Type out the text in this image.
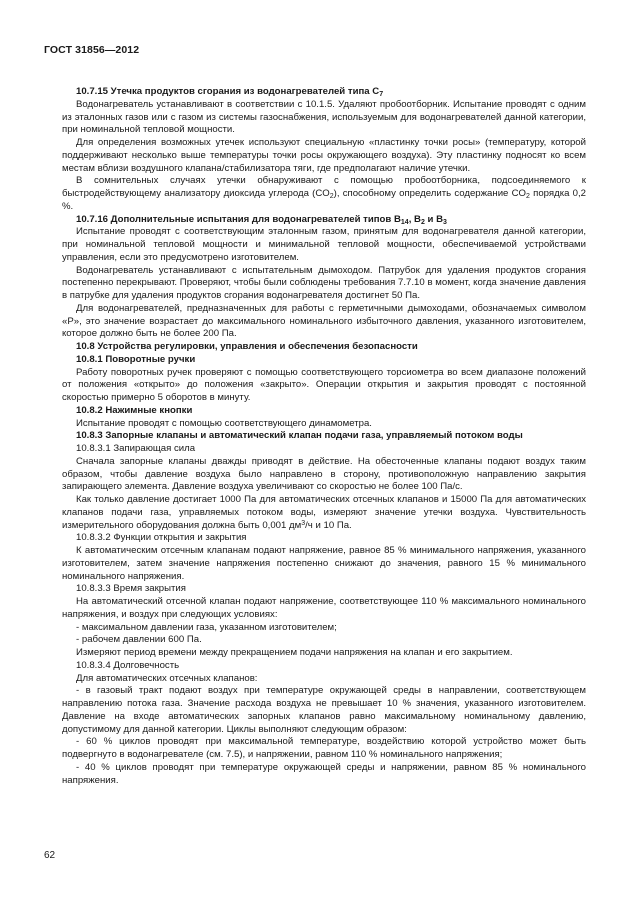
ГОСТ 31856—2012

10.7.15 Утечка продуктов сгорания из водонагревателей типа $C_7$

Водонагреватель устанавливают в соответствии с 10.1.5. Удаляют пробоотборник. Испытание проводят с одним из эталонных газов или с газом из системы газоснабжения, используемым для водонагревателей данной категории, при номинальной тепловой мощности.

Для определения возможных утечек используют специальную «пластинку точки росы» (температуру, которой поддерживают несколько выше температуры точки росы окружающего воздуха). Эту пластинку подносят ко всем местам вблизи воздушного клапана/стабилизатора тяги, где предполагают наличие утечки.

В сомнительных случаях утечки обнаруживают с помощью пробоотборника, подсоединяемого к быстродействующему анализатору диоксида углерода $(CO_2)$, способному определить содержание $CO_2$ порядка 0,2 %.

10.7.16 Дополнительные испытания для водонагревателей типов $B_{14}$, $B_2$ и $B_3$

Испытание проводят с соответствующим эталонным газом, принятым для водонагревателя данной категории, при номинальной тепловой мощности и минимальной тепловой мощности, обеспечиваемой устройствами управления, если это предусмотрено изготовителем.

Водонагреватель устанавливают с испытательным дымоходом. Патрубок для удаления продуктов сгорания постепенно перекрывают. Проверяют, чтобы были соблюдены требования 7.7.10 в момент, когда значение давления в патрубке для удаления продуктов сгорания водонагревателя достигнет 50 Па.

Для водонагревателей, предназначенных для работы с герметичными дымоходами, обозначаемых символом «P», это значение возрастает до максимального номинального избыточного давления, указанного изготовителем, которое должно быть не более 200 Па.

10.8 Устройства регулировки, управления и обеспечения безопасности

10.8.1 Поворотные ручки

Работу поворотных ручек проверяют с помощью соответствующего торсиометра во всем диапазоне положений от положения «открыто» до положения «закрыто». Операции открытия и закрытия проводят с постоянной скоростью примерно 5 оборотов в минуту.

10.8.2 Нажимные кнопки

Испытание проводят с помощью соответствующего динамометра.

10.8.3 Запорные клапаны и автоматический клапан подачи газа, управляемый потоком воды

10.8.3.1 Запирающая сила

Сначала запорные клапаны дважды приводят в действие. На обесточенные клапаны подают воздух таким образом, чтобы давление воздуха было направлено в сторону, противоположную направлению закрытия запирающего элемента. Давление воздуха увеличивают со скоростью не более 100 Па/с.

Как только давление достигает 1000 Па для автоматических отсечных клапанов и 15000 Па для автоматических клапанов подачи газа, управляемых потоком воды, измеряют значение утечки воздуха. Чувствительность измерительного оборудования должна быть 0,001 $дм^3/ч$ и 10 Па.

10.8.3.2 Функции открытия и закрытия

К автоматическим отсечным клапанам подают напряжение, равное 85 % минимального напряжения, указанного изготовителем, затем значение напряжения постепенно снижают до значения, равного 15 % минимального номинального напряжения.

10.8.3.3 Время закрытия

На автоматический отсечной клапан подают напряжение, соответствующее 110 % максимального номинального напряжения, и воздух при следующих условиях:

- максимальном давлении газа, указанном изготовителем;

- рабочем давлении 600 Па.

Измеряют период времени между прекращением подачи напряжения на клапан и его закрытием.

10.8.3.4 Долговечность

Для автоматических отсечных клапанов:

- в газовый тракт подают воздух при температуре окружающей среды в направлении, соответствующем направлению потока газа. Значение расхода воздуха не превышает 10 % значения, указанного изготовителем. Давление на входе автоматических запорных клапанов равно максимальному номинальному давлению, допустимому для данной категории. Циклы выполняют следующим образом:

- 60 % циклов проводят при максимальной температуре, воздействию которой устройство может быть подвергнуто в водонагревателе (см. 7.5), и напряжении, равном 110 % номинального напряжения;

- 40 % циклов проводят при температуре окружающей среды и напряжении, равном 85 % номинального напряжения.

62
